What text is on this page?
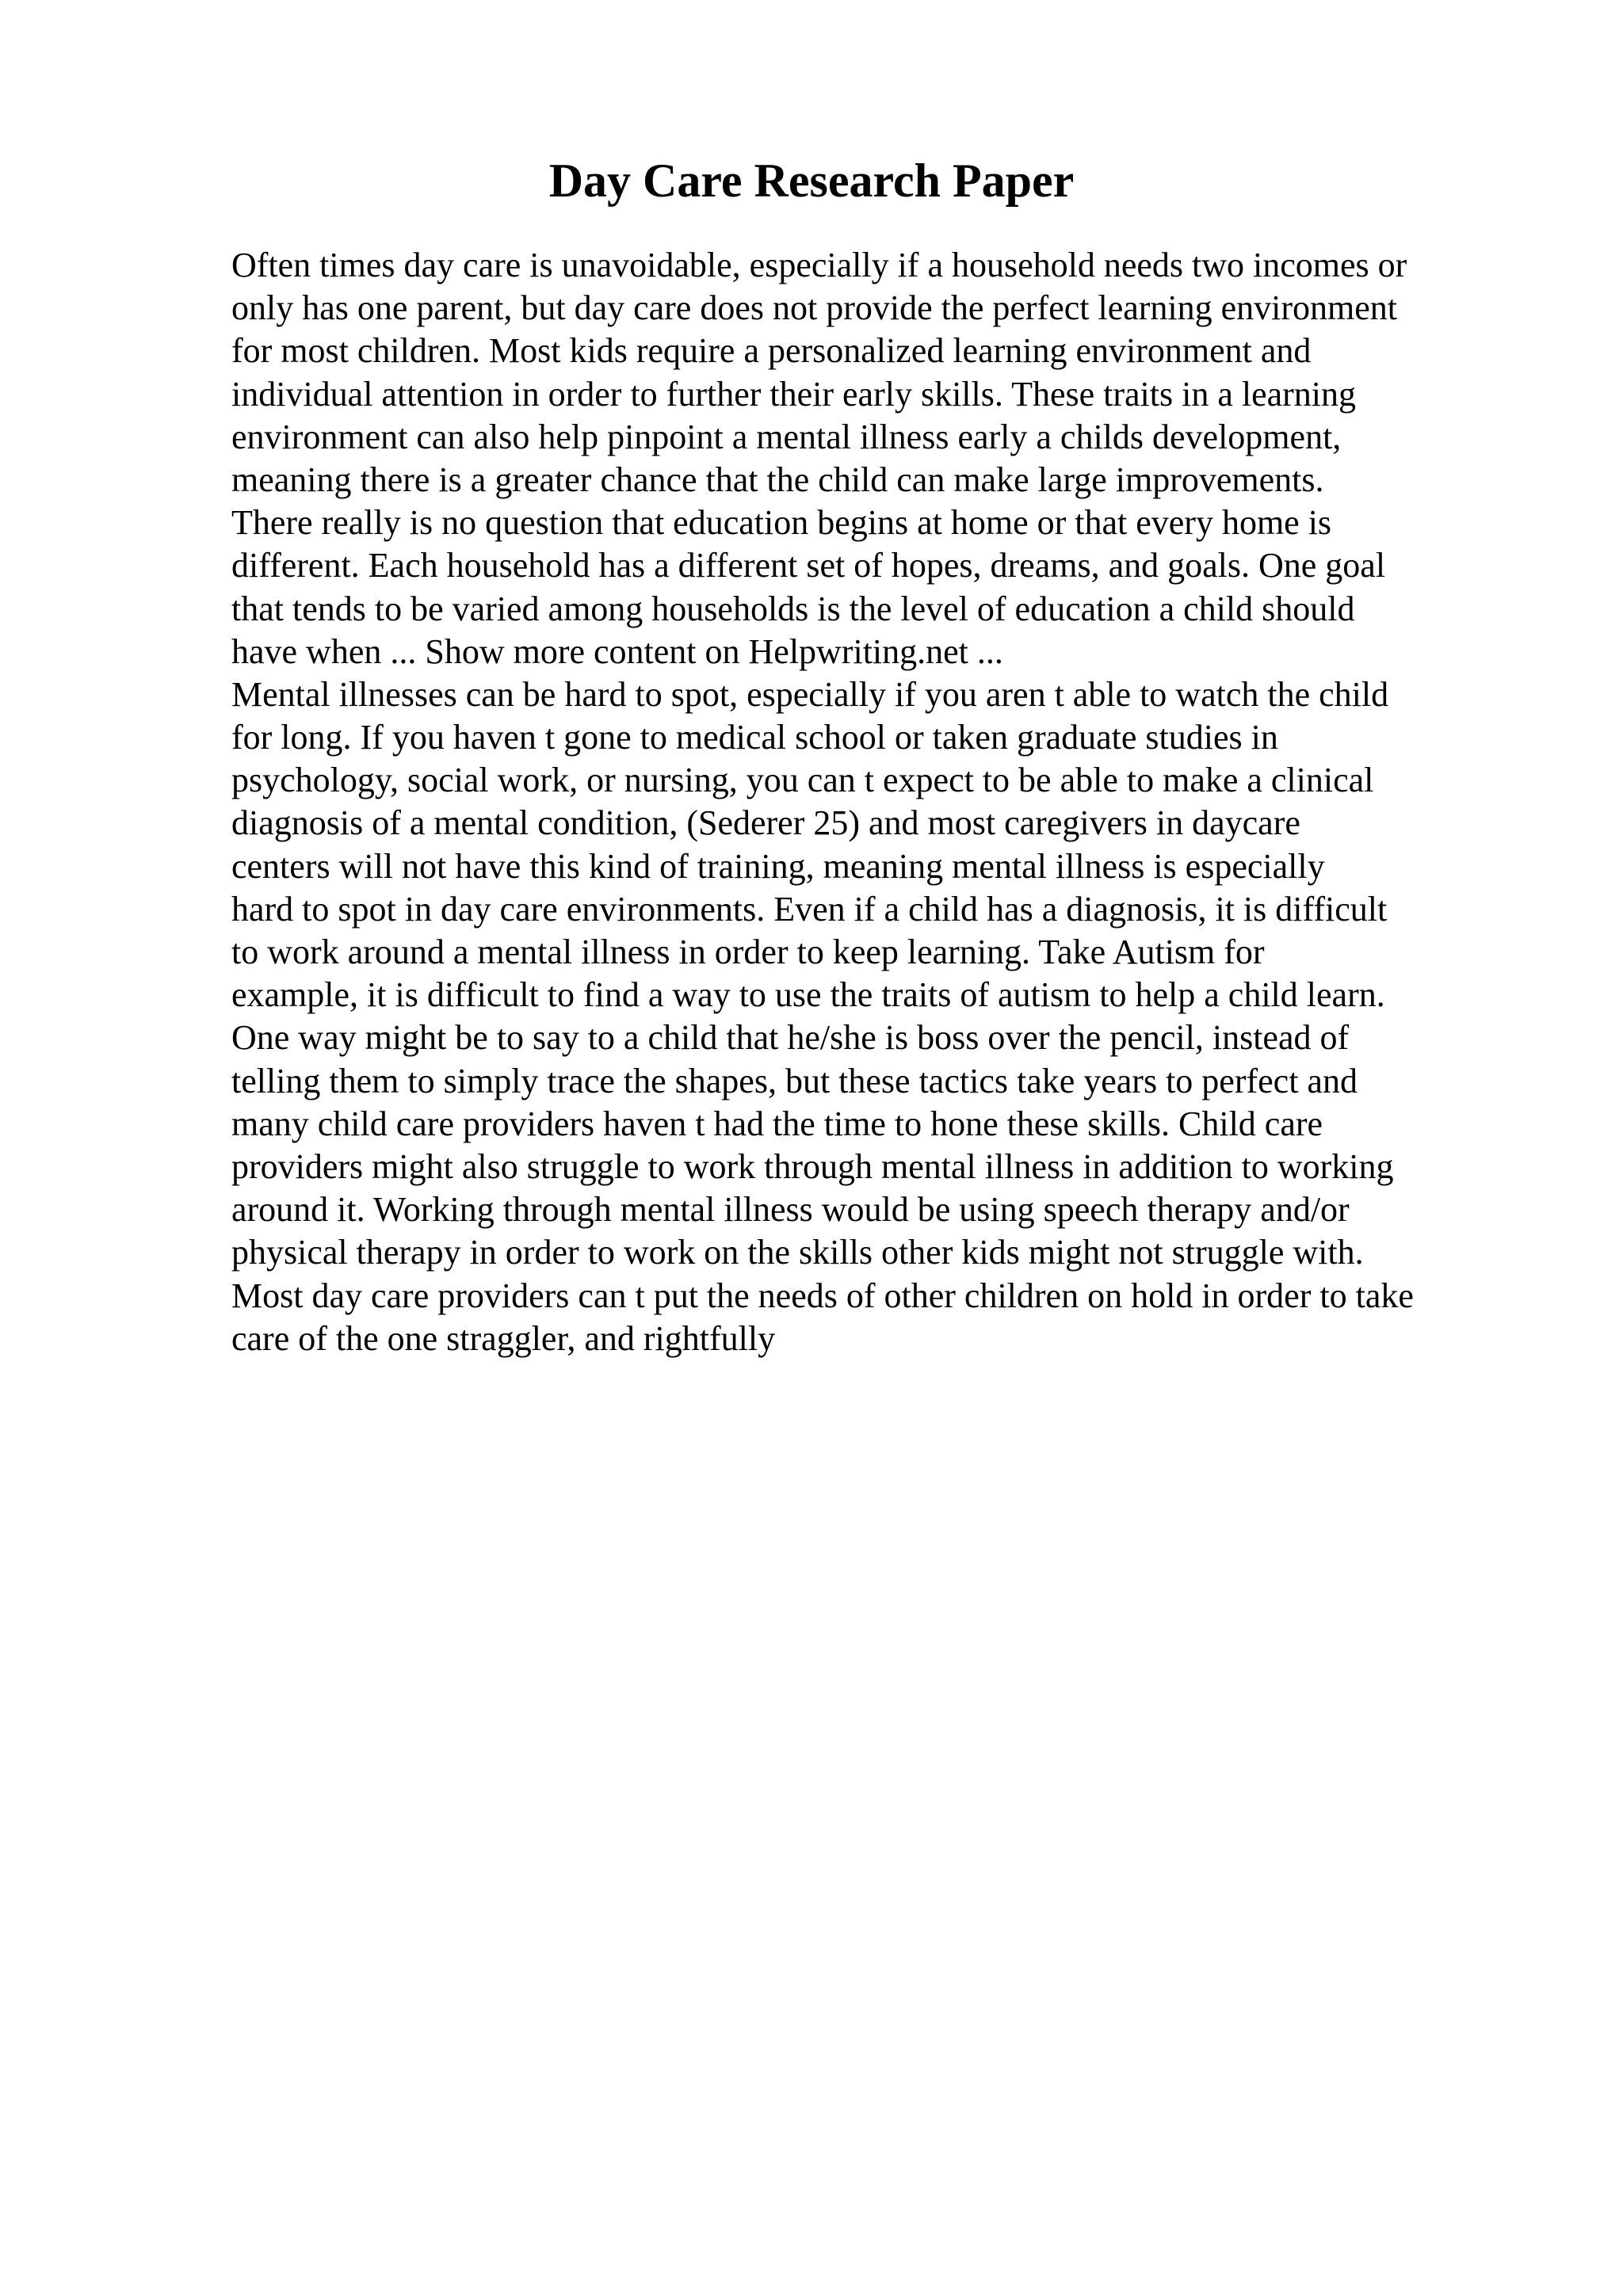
Day Care Research Paper
Often times day care is unavoidable, especially if a household needs two incomes or
only has one parent, but day care does not provide the perfect learning environment
for most children. Most kids require a personalized learning environment and
individual attention in order to further their early skills. These traits in a learning
environment can also help pinpoint a mental illness early a childs development,
meaning there is a greater chance that the child can make large improvements.
There really is no question that education begins at home or that every home is
different. Each household has a different set of hopes, dreams, and goals. One goal
that tends to be varied among households is the level of education a child should
have when ... Show more content on Helpwriting.net ...
Mental illnesses can be hard to spot, especially if you aren t able to watch the child
for long. If you haven t gone to medical school or taken graduate studies in
psychology, social work, or nursing, you can t expect to be able to make a clinical
diagnosis of a mental condition, (Sederer 25) and most caregivers in daycare
centers will not have this kind of training, meaning mental illness is especially
hard to spot in day care environments. Even if a child has a diagnosis, it is difficult
to work around a mental illness in order to keep learning. Take Autism for
example, it is difficult to find a way to use the traits of autism to help a child learn.
One way might be to say to a child that he/she is boss over the pencil, instead of
telling them to simply trace the shapes, but these tactics take years to perfect and
many child care providers haven t had the time to hone these skills. Child care
providers might also struggle to work through mental illness in addition to working
around it. Working through mental illness would be using speech therapy and/or
physical therapy in order to work on the skills other kids might not struggle with.
Most day care providers can t put the needs of other children on hold in order to take
care of the one straggler, and rightfully
